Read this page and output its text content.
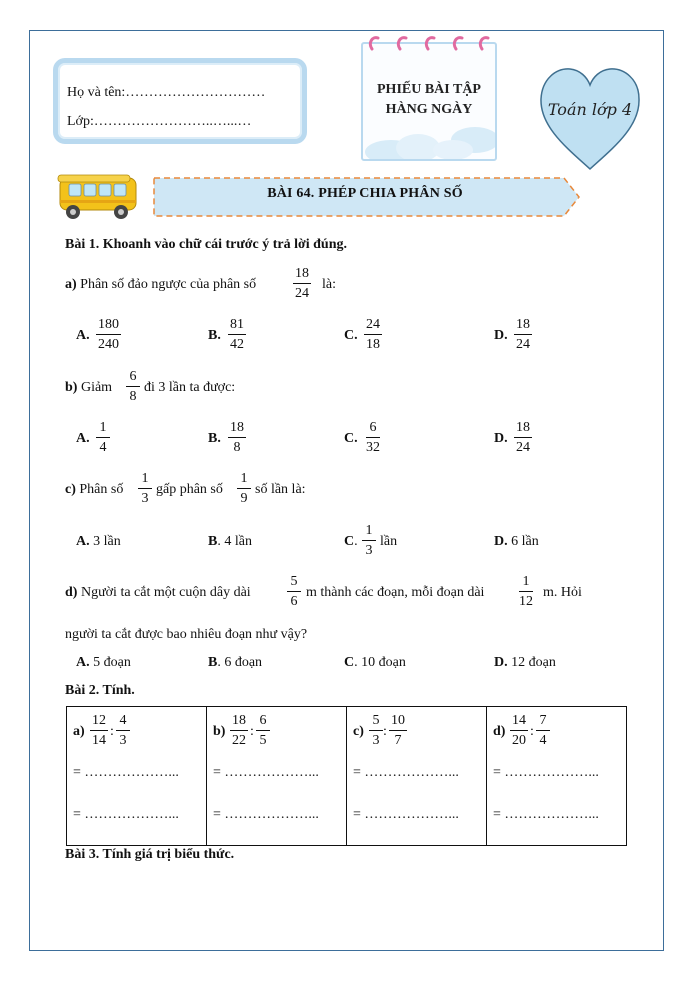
Họ và tên:…………………………
Lớp:……………………..…...…
PHIẾU BÀI TẬP
HÀNG NGÀY	Toán lớp 4
BÀI 64. PHÉP CHIA PHÂN SỐ
Bài 1. Khoanh vào chữ cái trước ý trả lời đúng.
a) Phân số đảo ngược của phân số	$\frac{18}{24}$ là:
A. $\frac{180}{240}$	B. $\frac{81}{42}$	C. $\frac{24}{18}$	D. $\frac{18}{24}$
b) Giảm $\frac{6}{8}$ đi 3 lần ta được:
A. $\frac{1}{4}$	B. $\frac{18}{8}$	C. $\frac{6}{32}$	D. $\frac{18}{24}$
c) Phân số $\frac{1}{3}$ gấp phân số $\frac{1}{9}$ số lần là:
A. 3 lần	B. 4 lần	C. $\frac{1}{3}$ lần	D. 6 lần
d) Người ta cắt một cuộn dây dài	$\frac{5}{6}$ m thành các đoạn, mỗi đoạn dài $\frac{1}{12} m$. Hỏi
người ta cắt được bao nhiêu đoạn như vậy?
A. 5 đoạn	B. 6 đoạn	C. 10 đoạn	D. 12 đoạn
Bài 2. Tính.
$a) \frac{12}{14}$ : $\frac{4}{3}$
= ………………...
= ………………...
$b) \frac{18}{22}$ : $\frac{6}{5}$
= ………………...
= ………………...
$c) \frac{5}{3}$ : $\frac{10}{7}$
= ………………...
= ………………...
$d) \frac{14}{20}$ : $\frac{7}{4}$
= ………………...
= ………………...
Bài 3. Tính giá trị biểu thức.
